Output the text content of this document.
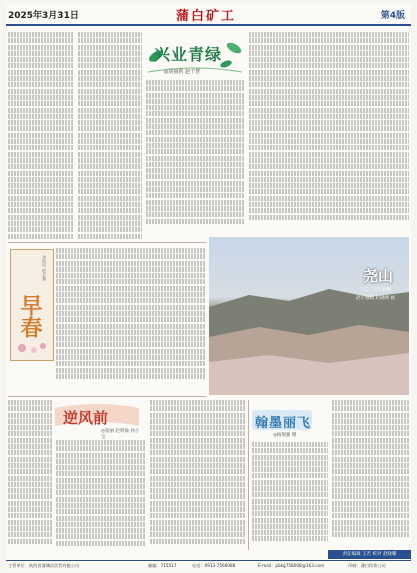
2025年3月31日	蒲白矿工	第4版
兴业青绿
◎胡丽莉 赵千慧
◎范可 赵小强
早春
尧山
二〇二五年春摄
赵小强摄 赵锦绣 画
逆风前
◎张丽 赵明瑜 孙小宝
翰墨丽飞
◎杨瑞强 摄
责任编辑 王若 校对 赵晓璐
主管单位：陕西省蒲城县浩哲有限公司	邮编：715517	电话：0913-7566088	E-mail：pbkg758008@163.com	印刷：蒲白印务公司
